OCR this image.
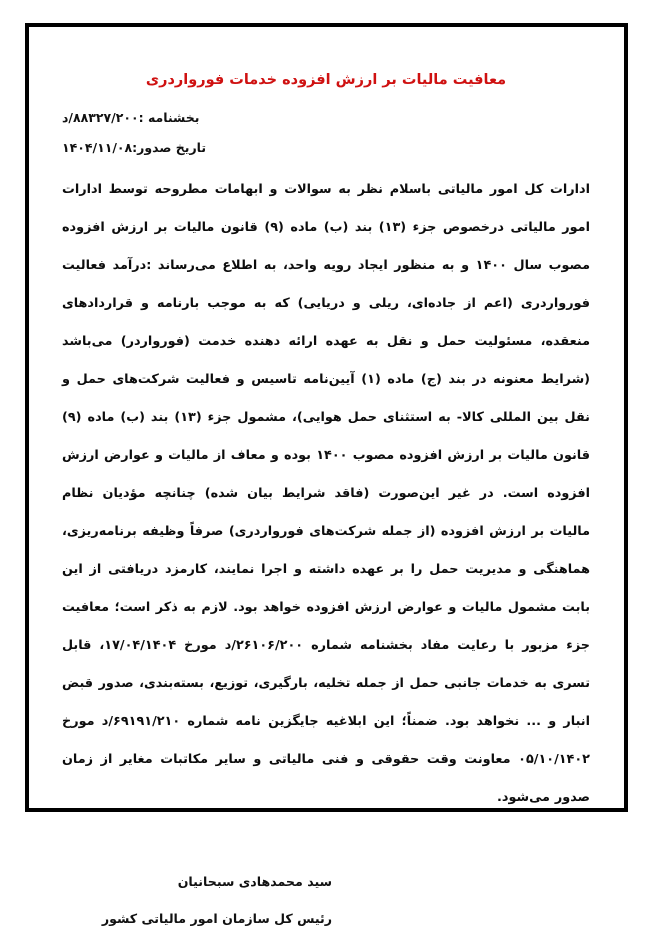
معافیت مالیات بر ارزش افزوده خدمات فورواردری
بخشنامه :۸۸۳۲۷/۲۰۰/د
تاریخ صدور:۱۴۰۴/۱۱/۰۸

ادارات کل امور مالیاتی باسلام نظر به سوالات و ابهامات مطروحه توسط ادارات امور مالیاتی درخصوص جزء (۱۳) بند (ب) ماده (۹) قانون مالیات بر ارزش افزوده مصوب سال ۱۴۰۰ و به منظور ایجاد رویه واحد، به اطلاع می‌رساند :درآمد فعالیت فورواردری (اعم از جاده‌ای، ریلی و دریایی) که به موجب بارنامه و قراردادهای منعقده، مسئولیت حمل و نقل به عهده ارائه دهنده خدمت (فورواردر) می‌باشد (شرایط معنونه در بند (ج) ماده (۱) آیین‌نامه تاسیس و فعالیت شرکت‌های حمل و نقل بین المللی کالا- به استثنای حمل هوایی)، مشمول جزء (۱۳) بند (ب) ماده (۹) قانون مالیات بر ارزش افزوده مصوب ۱۴۰۰ بوده و معاف از مالیات و عوارض ارزش افزوده است. در غیر این‌صورت (فاقد شرایط بیان شده) چنانچه مؤدیان نظام مالیات بر ارزش افزوده (از جمله شرکت‌های فورواردری) صرفاً وظیفه برنامه‌ریزی، هماهنگی و مدیریت حمل را بر عهده داشته و اجرا نمایند، کارمزد دریافتی از این بابت مشمول مالیات و عوارض ارزش افزوده خواهد بود. لازم به ذکر است؛ معافیت جزء مزبور با رعایت مفاد بخشنامه شماره ۲۶۱۰۶/۲۰۰/د مورخ ۱۷/۰۴/۱۴۰۴، قابل تسری به خدمات جانبی حمل از جمله تخلیه، بارگیری، توزیع، بسته‌بندی، صدور قبض انبار و ... نخواهد بود. ضمناً؛ این ابلاغیه جایگزین نامه شماره ۶۹۱۹۱/۲۱۰/د مورخ ۰۵/۱۰/۱۴۰۲ معاونت وقت حقوقی و فنی مالیاتی و سایر مکاتبات مغایر از زمان صدور می‌شود.

سید محمدهادی سبحانیان
رئیس کل سازمان امور مالیاتی کشور
